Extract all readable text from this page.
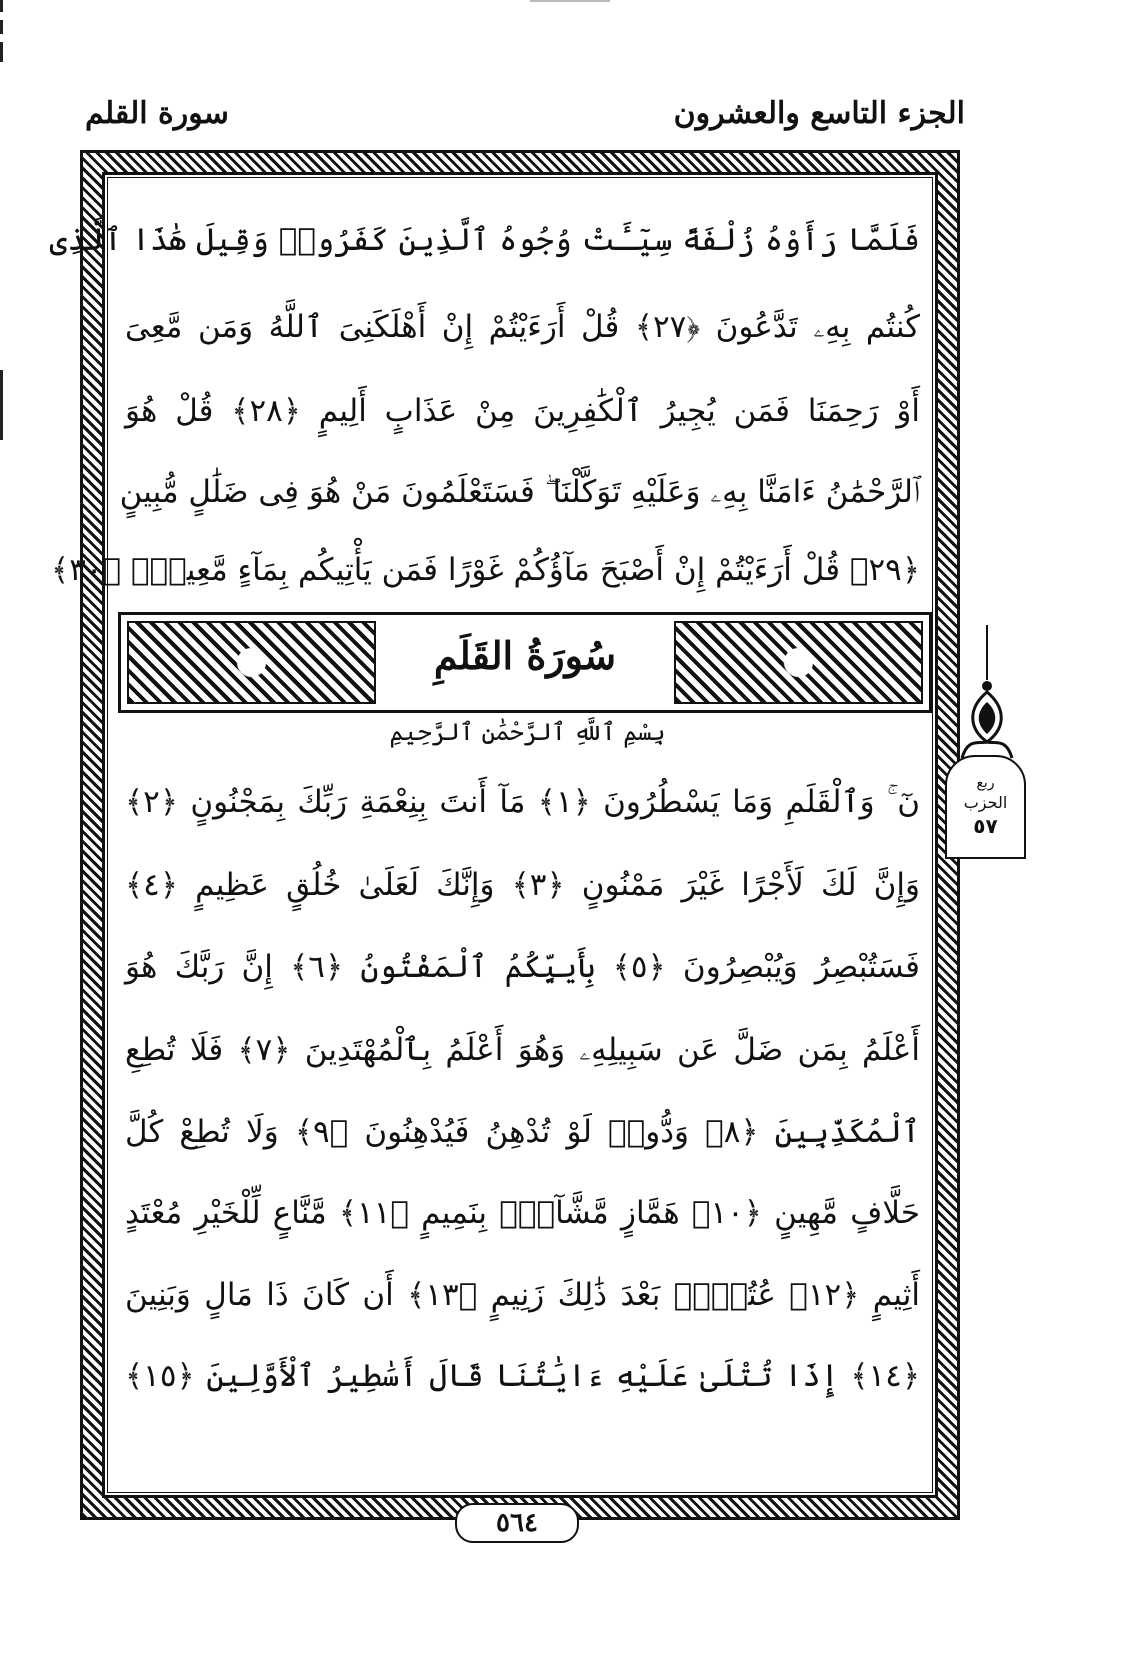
الجزء التاسع والعشرون
سورة القلم
فَلَمَّا رَأَوْهُ زُلْفَةً سِيٓـَٔتْ وُجُوهُ ٱلَّذِينَ كَفَرُوا۟ وَقِيلَ هَٰذَا ٱلَّذِى
كُنتُم بِهِۦ تَدَّعُونَ ﴿٢٧﴾ قُلْ أَرَءَيْتُمْ إِنْ أَهْلَكَنِىَ ٱللَّهُ وَمَن مَّعِىَ
أَوْ رَحِمَنَا فَمَن يُجِيرُ ٱلْكَٰفِرِينَ مِنْ عَذَابٍ أَلِيمٍ ﴿٢٨﴾ قُلْ هُوَ
ٱلرَّحْمَٰنُ ءَامَنَّا بِهِۦ وَعَلَيْهِ تَوَكَّلْنَا ۖ فَسَتَعْلَمُونَ مَنْ هُوَ فِى ضَلَٰلٍ مُّبِينٍ
﴿٢٩﴾ قُلْ أَرَءَيْتُمْ إِنْ أَصْبَحَ مَآؤُكُمْ غَوْرًا فَمَن يَأْتِيكُم بِمَآءٍ مَّعِينٍۭ ﴿٣٠﴾
سُورَةُ القَلَمِ
بِسْمِ ٱللَّهِ ٱلرَّحْمَٰنِ ٱلرَّحِيمِ
نٓ ۚ وَٱلْقَلَمِ وَمَا يَسْطُرُونَ ﴿١﴾ مَآ أَنتَ بِنِعْمَةِ رَبِّكَ بِمَجْنُونٍ ﴿٢﴾
وَإِنَّ لَكَ لَأَجْرًا غَيْرَ مَمْنُونٍ ﴿٣﴾ وَإِنَّكَ لَعَلَىٰ خُلُقٍ عَظِيمٍ ﴿٤﴾
فَسَتُبْصِرُ وَيُبْصِرُونَ ﴿٥﴾ بِأَييِّكُمُ ٱلْمَفْتُونُ ﴿٦﴾ إِنَّ رَبَّكَ هُوَ
أَعْلَمُ بِمَن ضَلَّ عَن سَبِيلِهِۦ وَهُوَ أَعْلَمُ بِٱلْمُهْتَدِينَ ﴿٧﴾ فَلَا تُطِعِ
ٱلْمُكَذِّبِينَ ﴿٨﴾ وَدُّوا۟ لَوْ تُدْهِنُ فَيُدْهِنُونَ ﴿٩﴾ وَلَا تُطِعْ كُلَّ
حَلَّافٍ مَّهِينٍ ﴿١٠﴾ هَمَّازٍ مَّشَّآءٍۭ بِنَمِيمٍ ﴿١١﴾ مَّنَّاعٍ لِّلْخَيْرِ مُعْتَدٍ
أَثِيمٍ ﴿١٢﴾ عُتُلٍّۭ بَعْدَ ذَٰلِكَ زَنِيمٍ ﴿١٣﴾ أَن كَانَ ذَا مَالٍ وَبَنِينَ
﴿١٤﴾ إِذَا تُتْلَىٰ عَلَيْهِ ءَايَٰتُنَا قَالَ أَسَٰطِيرُ ٱلْأَوَّلِينَ ﴿١٥﴾
٥٦٤
ربع
الحزب
٥٧
